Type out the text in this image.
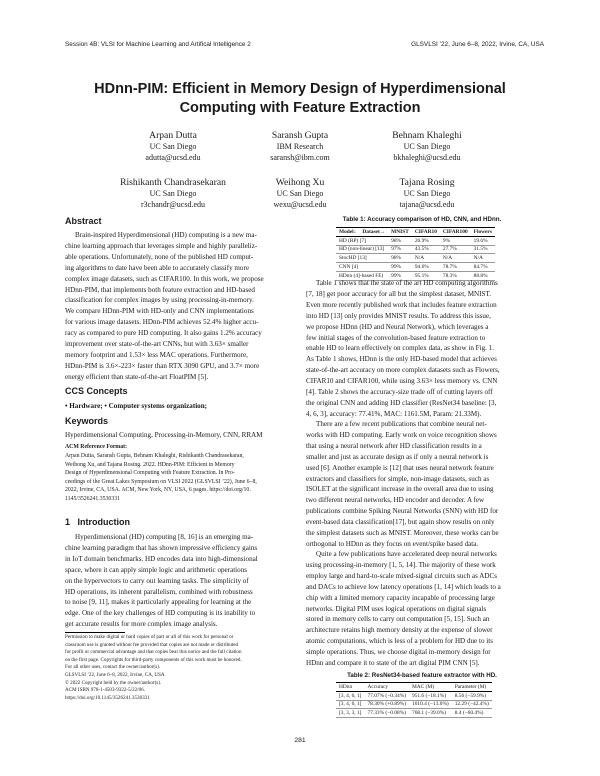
Session 4B: VLSI for Machine Learning and Artifical Intelligence 2	GLSVLSI ’22, June 6–8, 2022, Irvine, CA, USA
HDnn-PIM: Efficient in Memory Design of Hyperdimensional
Computing with Feature Extraction
Arpan Dutta
UC San Diego
adutta@ucsd.edu
Saransh Gupta
IBM Research
saransh@ibm.com
Behnam Khaleghi
UC San Diego
bkhaleghi@ucsd.edu
Rishikanth Chandrasekaran
UC San Diego
r3chandr@ucsd.edu
Weihong Xu
UC San Diego
wexu@ucsd.edu
Tajana Rosing
UC San Diego
tajana@ucsd.edu
Abstract
Brain-inspired Hyperdimensional (HD) computing is a new ma-
chine learning approach that leverages simple and highly paralleliz-
able operations. Unfortunately, none of the published HD comput-
ing algorithms to date have been able to accurately classify more
complex image datasets, such as CIFAR100. In this work, we propose
HDnn-PIM, that implements both feature extraction and HD-based
classification for complex images by using processing-in-memory.
We compare HDnn-PIM with HD-only and CNN implementations
for various image datasets. HDnn-PIM achieves 52.4% higher accu-
racy as compared to pure HD computing. It also gains 1.2% accuracy
improvement over state-of-the-art CNNs, but with 3.63× smaller
memory footprint and 1.53× less MAC operations. Furthermore,
HDnn-PIM is 3.6×-223× faster than RTX 3090 GPU, and 3.7× more
energy efficient than state-of-the-art FloatPIM [5].
CCS Concepts
• Hardware; • Computer systems organization;
Keywords
Hyperdimensional Computing, Processing-in-Memory, CNN, RRAM
ACM Reference Format:
Arpan Dutta, Saransh Gupta, Behnam Khaleghi, Rishikanth Chandrasekaran,
Weihong Xu, and Tajana Rosing. 2022. HDnn-PIM: Efficient in Memory
Design of Hyperdimensional Computing with Feature Extraction. In Pro-
ceedings of the Great Lakes Symposium on VLSI 2022 (GLSVLSI ’22), June 6–8,
2022, Irvine, CA, USA. ACM, New York, NY, USA, 6 pages. https://doi.org/10.
1145/3526241.3530331
1 Introduction
Hyperdimensional (HD) computing [8, 16] is an emerging ma-
chine learning paradigm that has shown impressive efficiency gains
in IoT domain benchmarks. HD encodes data into high-dimensional
space, where it can apply simple logic and arithmetic operations
on the hypervectors to carry out learning tasks. The simplicity of
HD operations, its inherent parallelism, combined with robustness
to noise [9, 11], makes it particularly appealing for learning at the
edge. One of the key challenges of HD computing is its inability to
get accurate results for more complex image analysis.
Permission to make digital or hard copies of part or all of this work for personal or
classroom use is granted without fee provided that copies are not made or distributed
for profit or commercial advantage and that copies bear this notice and the full citation
on the first page. Copyrights for third-party components of this work must be honored.
For all other uses, contact the owner/author(s).
GLSVLSI ’22, June 6–8, 2022, Irvine, CA, USA
© 2022 Copyright held by the owner/author(s).
ACM ISBN 978-1-4503-9322-5/22/06.
https://doi.org/10.1145/3526241.3530331
Table 1: Accuracy comparison of HD, CNN, and HDnn.
Model↓	Dataset→	MNIST	CIFAR10	CIFAR100	Flowers
HD (RP) [7]		98%	26.9%	9%	19.6%
HD (non-linear) [13]		97%	43.5%	27.7%	31.5%
StocHD [13]		98%	N/A	N/A	N/A
CNN [4]		99%	94.6%	78.7%	84.7%
HDnn (4]-based FE)		99%	95.1%	78.3%	88.8%
Table 1 shows that the state of the art HD computing algorithms
[7, 18] get poor accuracy for all but the simplest dataset, MNIST.
Even more recently published work that includes feature extraction
into HD [13] only provides MNIST results. To address this issue,
we propose HDnn (HD and Neural Network), which leverages a
few initial stages of the convolution-based feature extraction to
enable HD to learn effectively on complex data, as show in Fig. 1.
As Table 1 shows, HDnn is the only HD-based model that achieves
state-of-the-art accuracy on more complex datasets such as Flowers,
CIFAR10 and CIFAR100, while using 3.63× less memory vs. CNN
[4]. Table 2 shows the accuracy-size trade off of cutting layers off
the original CNN and adding HD classifier (ResNet34 baseline: [3,
4, 6, 3], accuracy: 77.41%, MAC: 1161.5M, Param: 21.33M).
There are a few recent publications that combine neural net-
works with HD computing. Early work on voice recognition shows
that using a neural network after HD classification results in a
smaller and just as accurate design as if only a neural network is
used [6]. Another example is [12] that uses neural network feature
extractors and classifiers for simple, non-image datasets, such as
ISOLET at the significant increase in the overall area due to using
two different neural networks, HD encoder and decoder. A few
publications combine Spiking Neural Networks (SNN) with HD for
event-based data classification[17], but again show results on only
the simplest datasets such as MNIST. Moreover, these works can be
orthogonal to HDnn as they focus on event/spike based data.
Quite a few publications have accelerated deep neural networks
using processing-in-memory [1, 5, 14]. The majority of these work
employ large and hard-to-scale mixed-signal circuits such as ADCs
and DACs to achieve low latency operations [1, 14] which leads to a
chip with a limited memory capacity incapable of processing large
networks. Digital PIM uses logical operations on digital signals
stored in memory cells to carry out computation [5, 15]. Such an
architecture retains high memory density at the expense of slower
atomic computations, which is less of a problem for HD due to its
simple operations. Thus, we choose digital in-memory design for
HDnn and compare it to state of the art digital PIM CNN [5].
Table 2: ResNet34-based feature extractor with HD.
HDnn	Accuracy	MAC (M)	Parameter (M)
[3, 4, 6, 1]	77.07% (−0.34%)	951.6 (−18.1%)	8.56 (−59.9%)
[3, 4, 6, 1]	78.30% (+0.89%)	1010.4 (−13.0%)	12.29 (−42.4%)
[3, 3, 3, 1]	77.33% (−0.08%)	768.1 (−39.0%)	8.4 (−60.4%)
281
